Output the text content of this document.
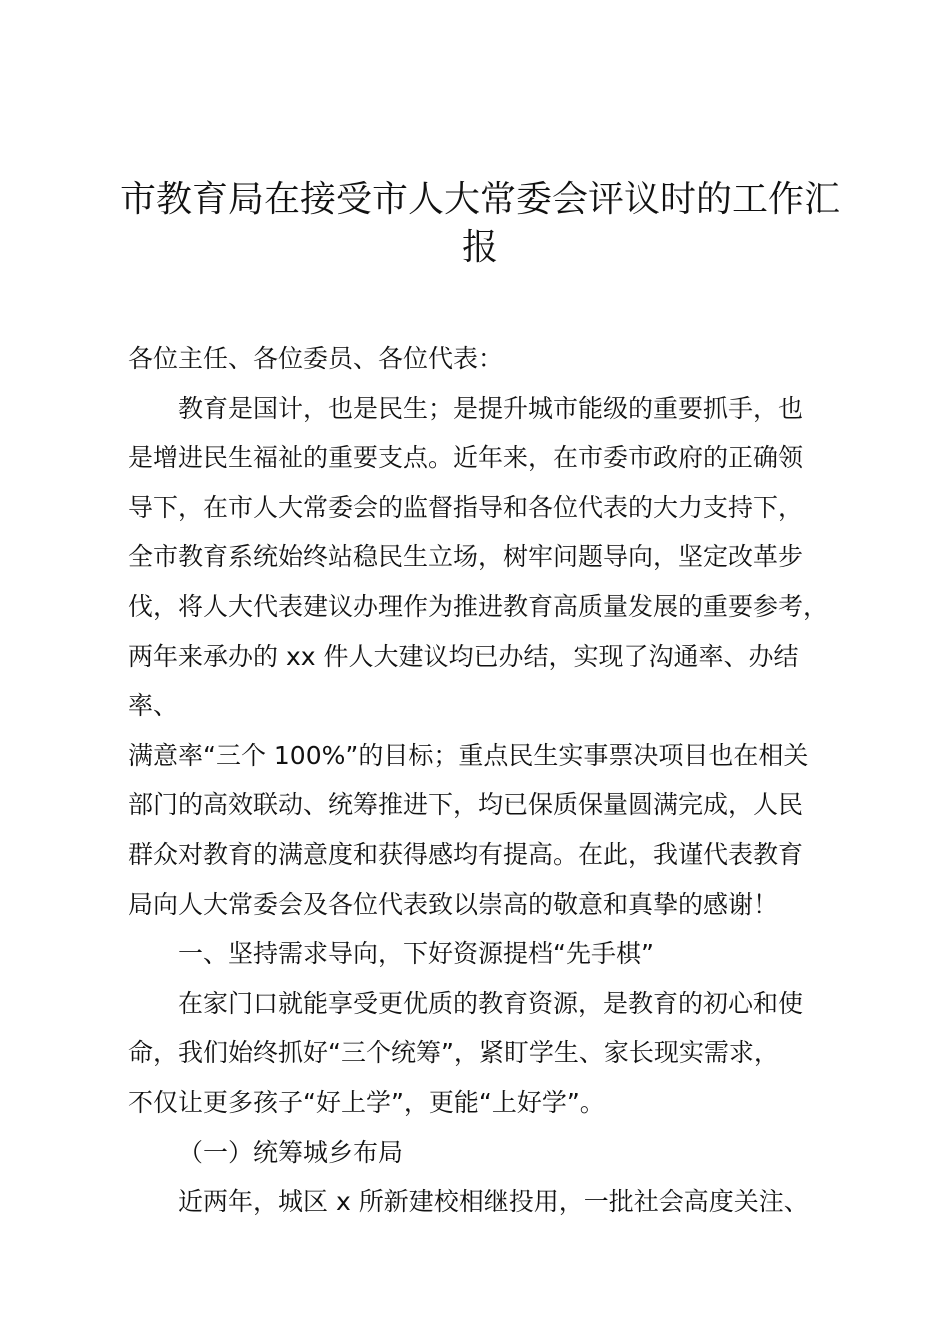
市教育局在接受市人大常委会评议时的工作汇
报

各位主任、各位委员、各位代表：

教育是国计，也是民生；是提升城市能级的重要抓手，也
是增进民生福祉的重要支点。近年来，在市委市政府的正确领
导下，在市人大常委会的监督指导和各位代表的大力支持下，
全市教育系统始终站稳民生立场，树牢问题导向，坚定改革步
伐，将人大代表建议办理作为推进教育高质量发展的重要参考，
两年来承办的 xx 件人大建议均已办结，实现了沟通率、办结率、
满意率“三个 100%”的目标；重点民生实事票决项目也在相关
部门的高效联动、统筹推进下，均已保质保量圆满完成，人民
群众对教育的满意度和获得感均有提高。在此，我谨代表教育
局向人大常委会及各位代表致以崇高的敬意和真挚的感谢！

一、坚持需求导向，下好资源提档“先手棋”

在家门口就能享受更优质的教育资源，是教育的初心和使
命，我们始终抓好“三个统筹”，紧盯学生、家长现实需求，
不仅让更多孩子“好上学”，更能“上好学”。

（一）统筹城乡布局

近两年，城区 x 所新建校相继投用，一批社会高度关注、
